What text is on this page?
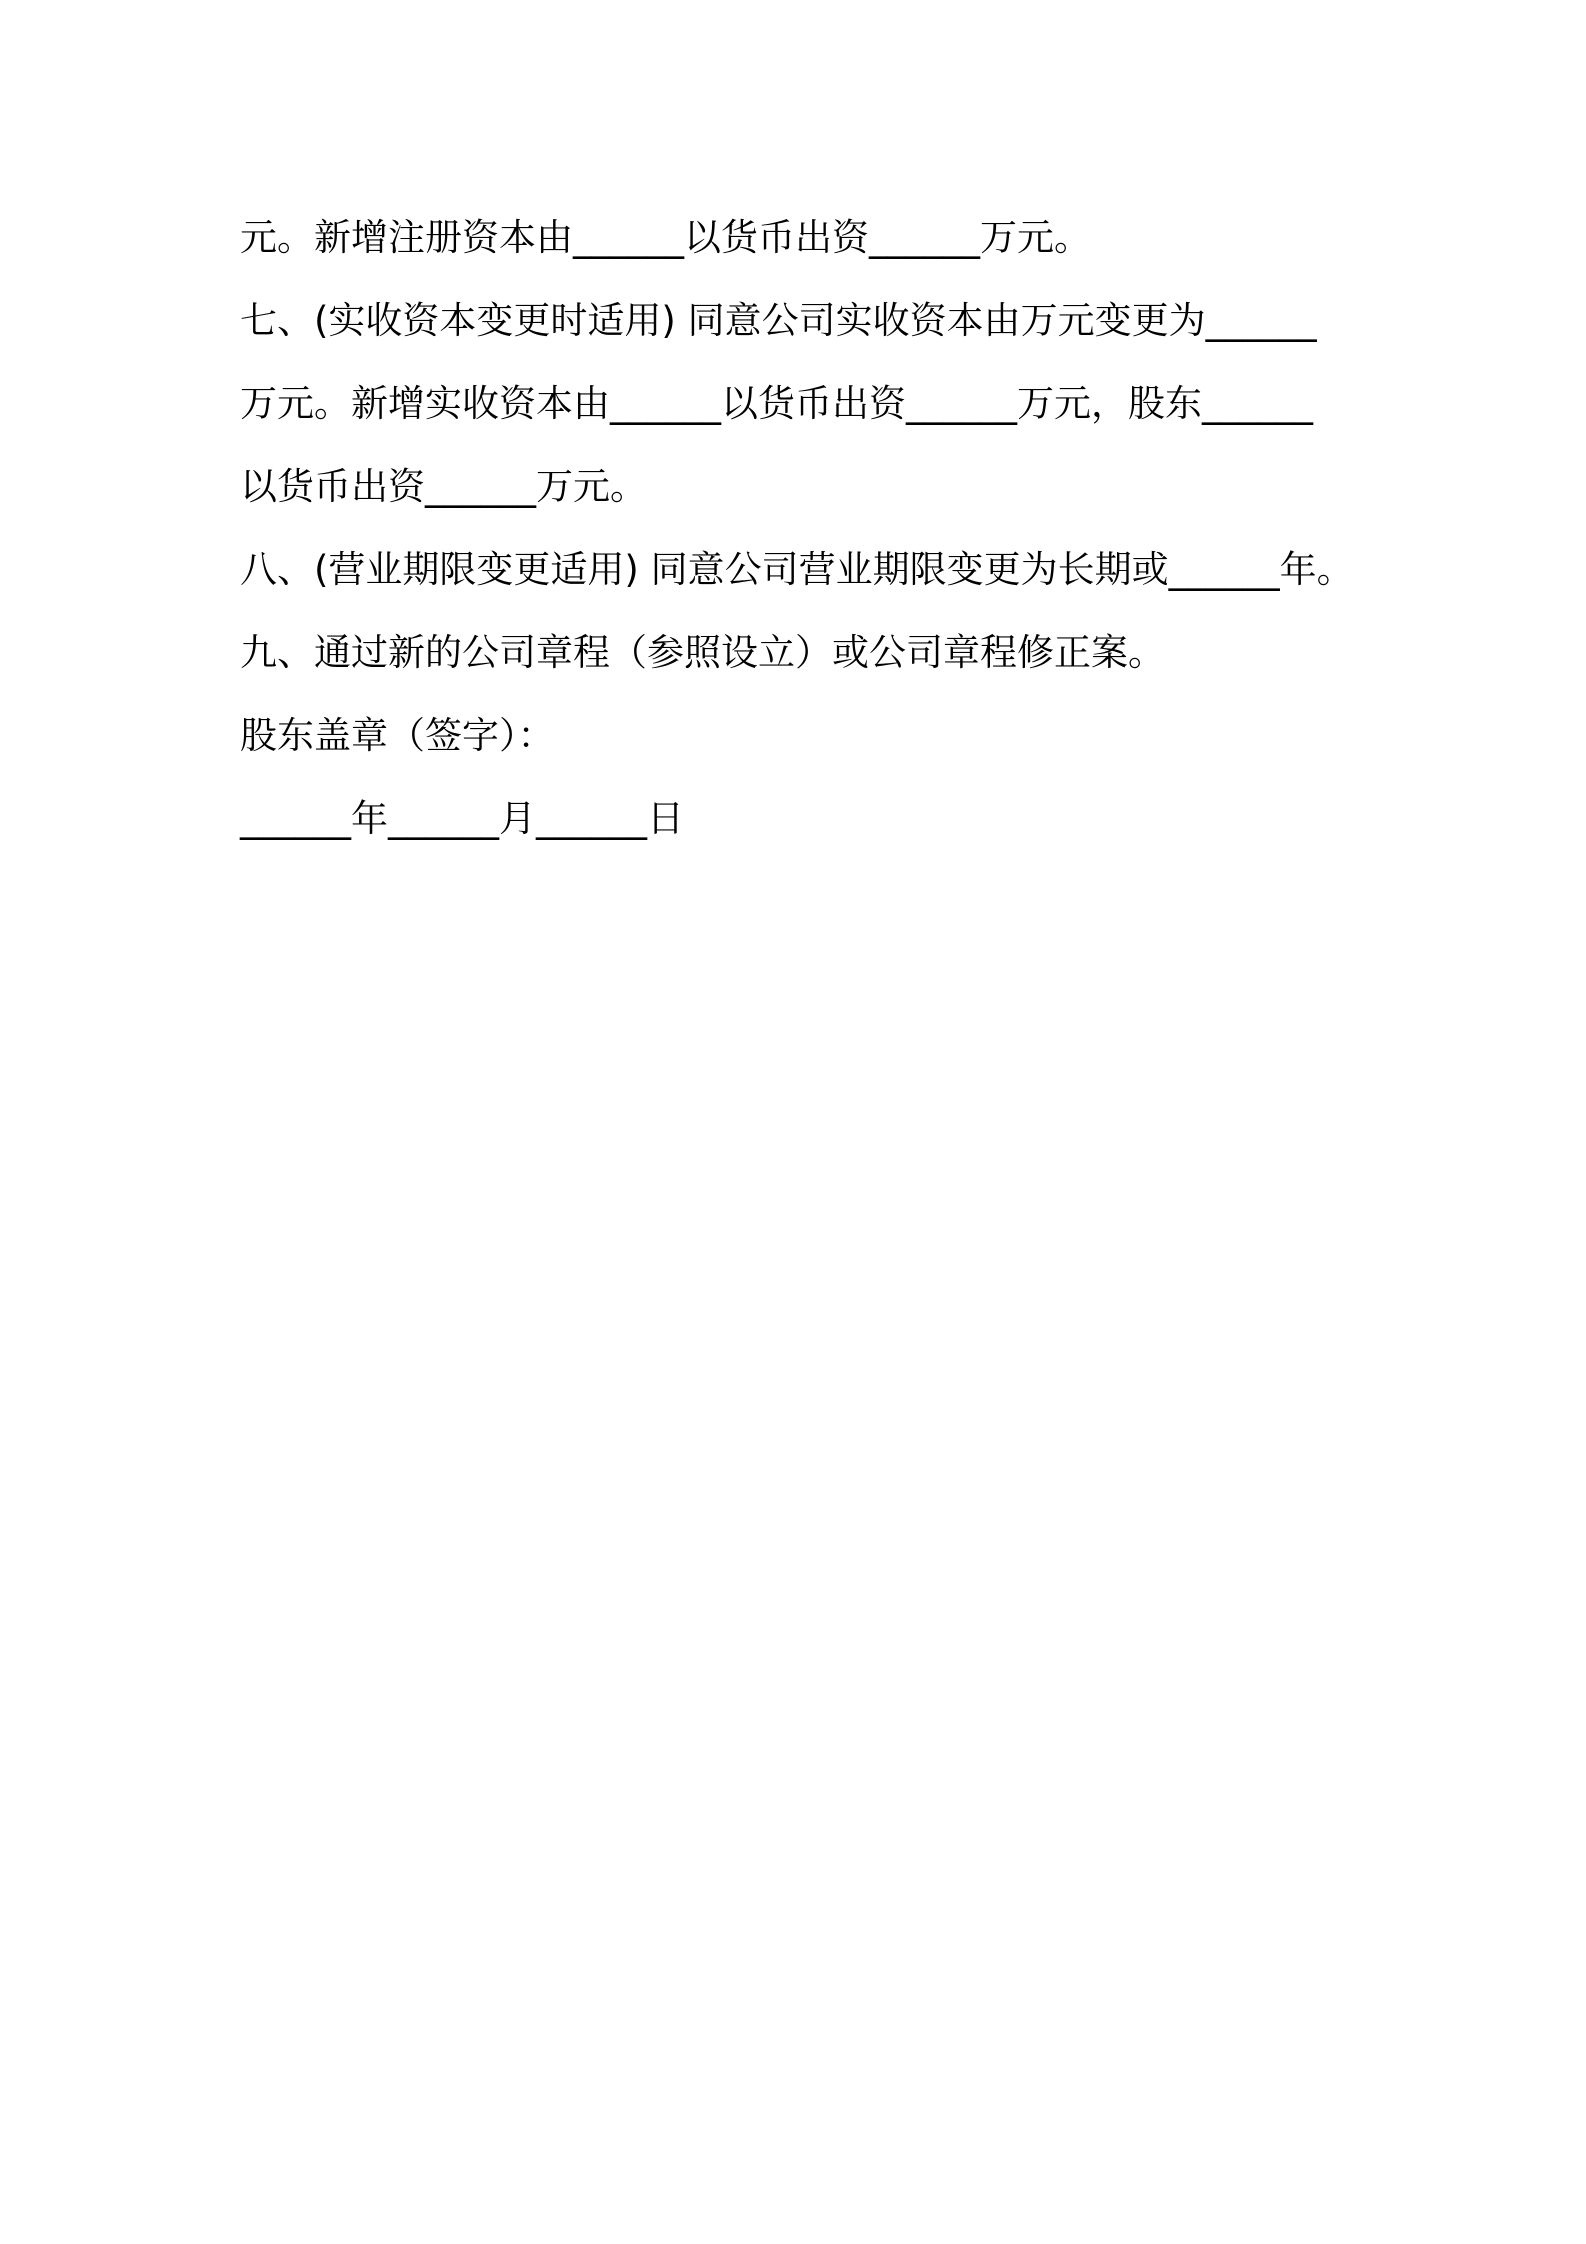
元。新增注册资本由______以货币出资______万元。
七、(实收资本变更时适用) 同意公司实收资本由万元变更为______
万元。新增实收资本由______以货币出资______万元，股东______
以货币出资______万元。
八、(营业期限变更适用) 同意公司营业期限变更为长期或______年。
九、通过新的公司章程（参照设立）或公司章程修正案。
股东盖章（签字）：
______年______月______日
